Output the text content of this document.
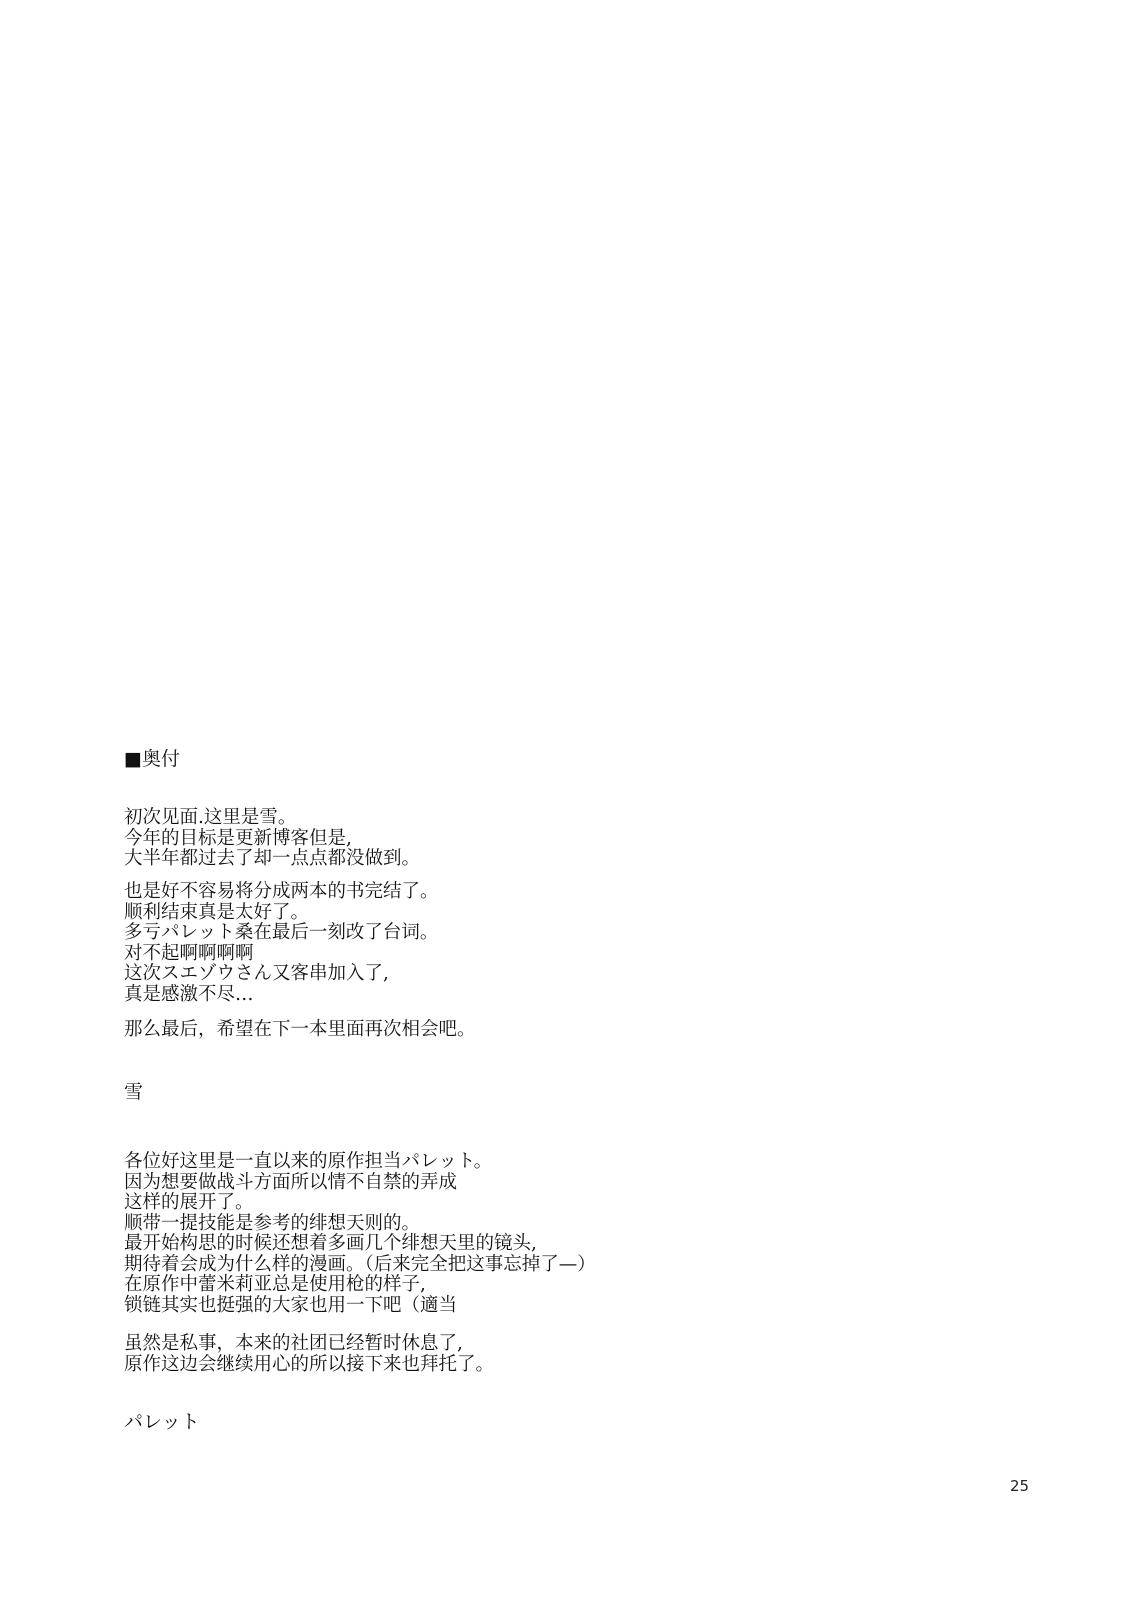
■奥付
初次见面.这里是雪。
今年的目标是更新博客但是,
大半年都过去了却一点点都没做到。
也是好不容易将分成两本的书完结了。
顺利结束真是太好了。
多亏パレット桑在最后一刻改了台词。
对不起啊啊啊啊
这次スエゾウさん又客串加入了,
真是感激不尽…
那么最后，希望在下一本里面再次相会吧。
雪
各位好这里是一直以来的原作担当パレット。
因为想要做战斗方面所以情不自禁的弄成
这样的展开了。
顺带一提技能是参考的绯想天则的。
最开始构思的时候还想着多画几个绯想天里的镜头,
期待着会成为什么样的漫画。（后来完全把这事忘掉了—）
在原作中蕾米莉亚总是使用枪的样子,
锁链其实也挺强的大家也用一下吧（適当
虽然是私事，本来的社团已经暂时休息了,
原作这边会继续用心的所以接下来也拜托了。
パレット
25
